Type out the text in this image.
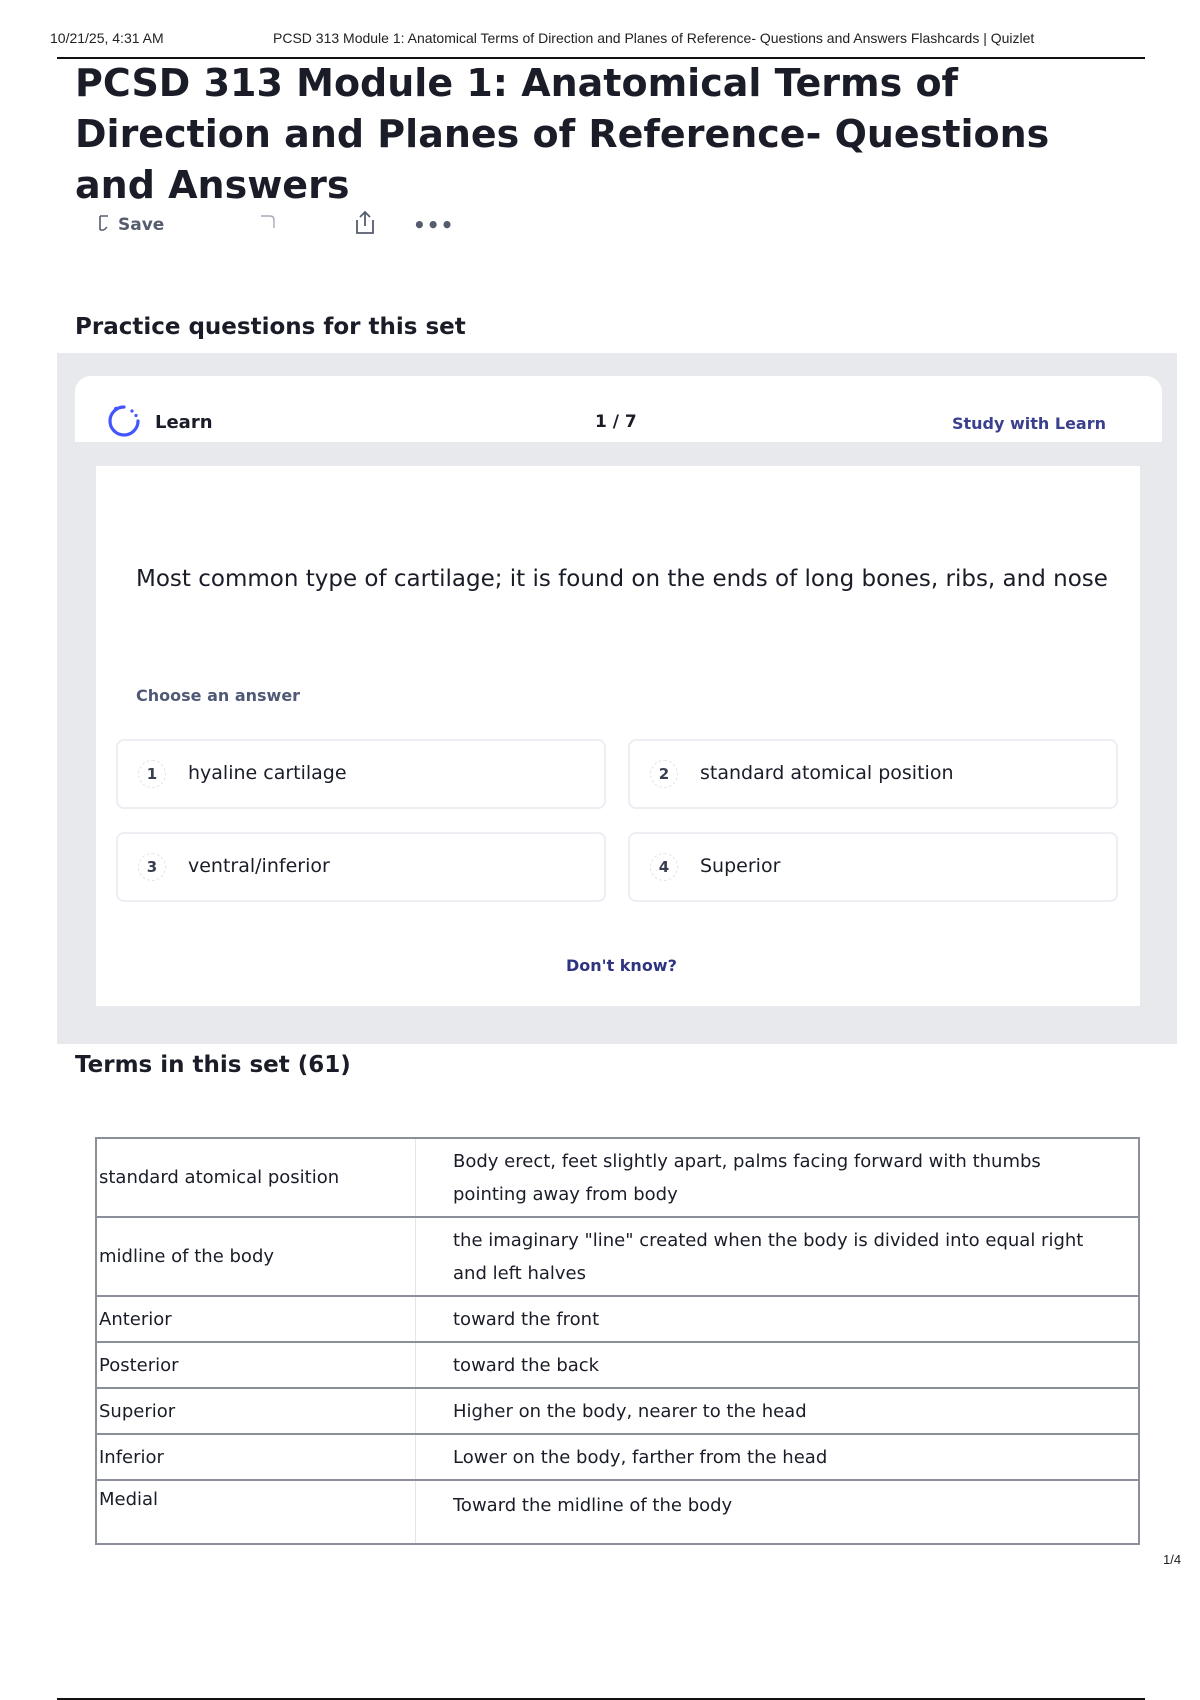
10/21/25, 4:31 AM	PCSD 313 Module 1: Anatomical Terms of Direction and Planes of Reference- Questions and Answers Flashcards | Quizlet
PCSD 313 Module 1: Anatomical Terms of Direction and Planes of Reference- Questions and Answers
Save	•••
Practice questions for this set
Learn	1 / 7	Study with Learn
Most common type of cartilage; it is found on the ends of long bones, ribs, and nose
Choose an answer
1	hyaline cartilage	2	standard atomical position
3	ventral/inferior	4	Superior
Don't know?
Terms in this set (61)
standard atomical position	Body erect, feet slightly apart, palms facing forward with thumbs pointing away from body
midline of the body	the imaginary "line" created when the body is divided into equal right and left halves
Anterior	toward the front
Posterior	toward the back
Superior	Higher on the body, nearer to the head
Inferior	Lower on the body, farther from the head
Medial	Toward the midline of the body
1/4
